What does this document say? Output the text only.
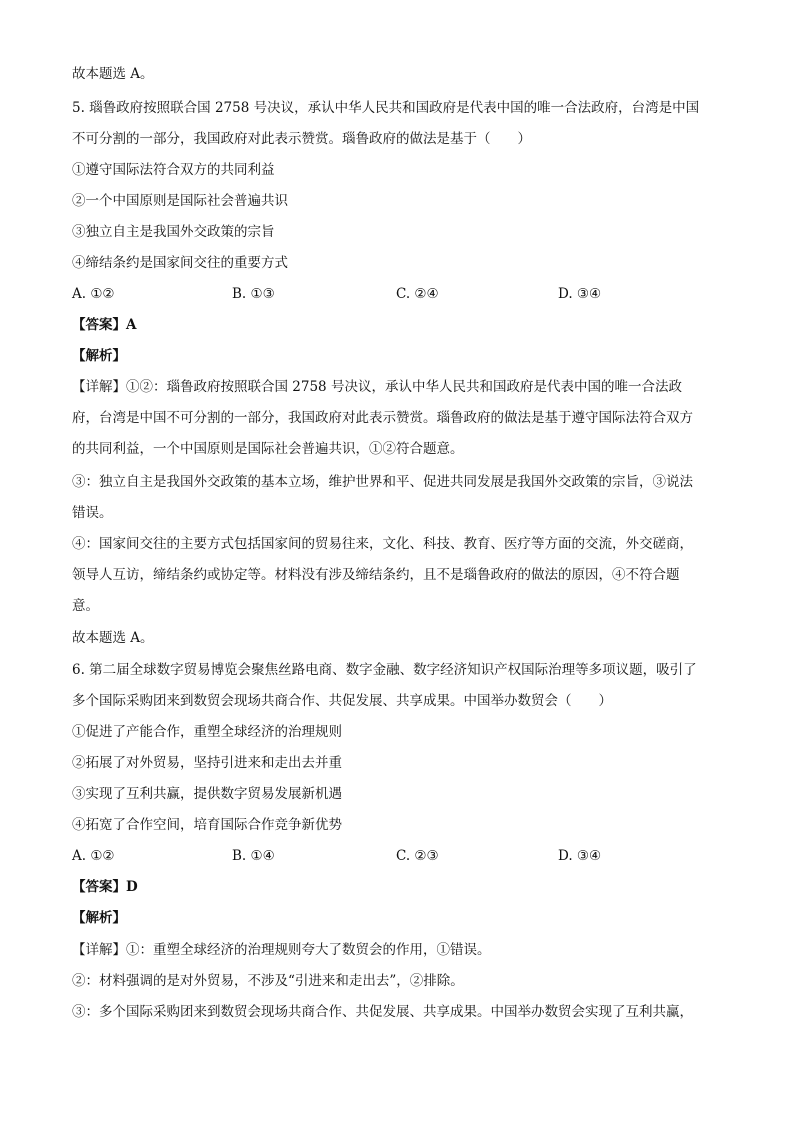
故本题选 A。
5. 瑙鲁政府按照联合国 2758 号决议，承认中华人民共和国政府是代表中国的唯一合法政府，台湾是中国
不可分割的一部分，我国政府对此表示赞赏。瑙鲁政府的做法是基于（　　）
①遵守国际法符合双方的共同利益
②一个中国原则是国际社会普遍共识
③独立自主是我国外交政策的宗旨
④缔结条约是国家间交往的重要方式
A. ①②	B. ①③	C. ②④	D. ③④
【答案】A
【解析】
【详解】①②：瑙鲁政府按照联合国 2758 号决议，承认中华人民共和国政府是代表中国的唯一合法政
府，台湾是中国不可分割的一部分，我国政府对此表示赞赏。瑙鲁政府的做法是基于遵守国际法符合双方
的共同利益，一个中国原则是国际社会普遍共识，①②符合题意。
③：独立自主是我国外交政策的基本立场，维护世界和平、促进共同发展是我国外交政策的宗旨，③说法
错误。
④：国家间交往的主要方式包括国家间的贸易往来，文化、科技、教育、医疗等方面的交流，外交磋商，
领导人互访，缔结条约或协定等。材料没有涉及缔结条约，且不是瑙鲁政府的做法的原因，④不符合题
意。
故本题选 A。
6. 第二届全球数字贸易博览会聚焦丝路电商、数字金融、数字经济知识产权国际治理等多项议题，吸引了
多个国际采购团来到数贸会现场共商合作、共促发展、共享成果。中国举办数贸会（　　）
①促进了产能合作，重塑全球经济的治理规则
②拓展了对外贸易，坚持引进来和走出去并重
③实现了互利共赢，提供数字贸易发展新机遇
④拓宽了合作空间，培育国际合作竞争新优势
A. ①②	B. ①④	C. ②③	D. ③④
【答案】D
【解析】
【详解】①：重塑全球经济的治理规则夸大了数贸会的作用，①错误。
②：材料强调的是对外贸易，不涉及“引进来和走出去”，②排除。
③：多个国际采购团来到数贸会现场共商合作、共促发展、共享成果。中国举办数贸会实现了互利共赢，
